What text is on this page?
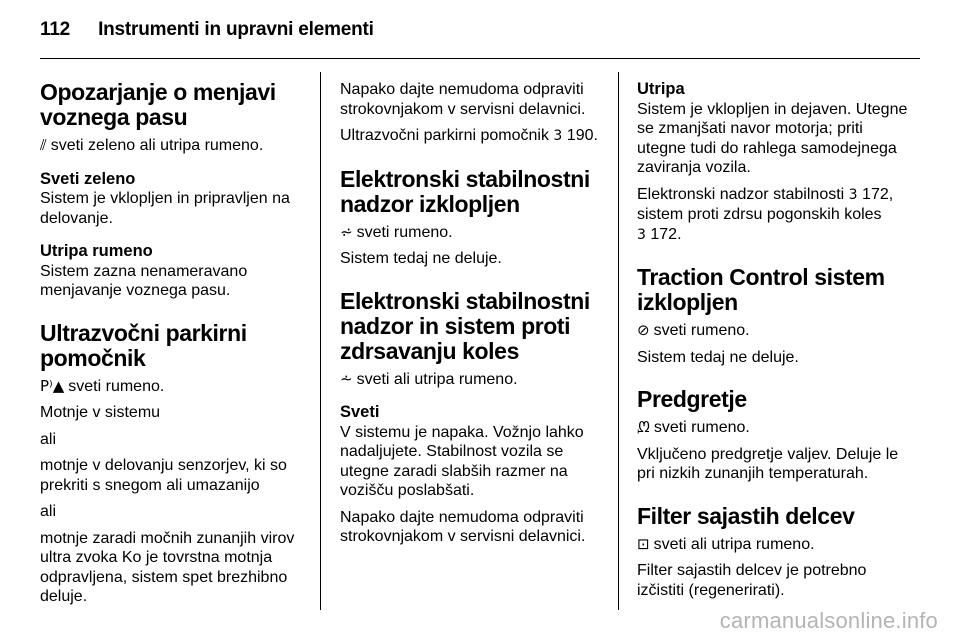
112 Instrumenti in upravni elementi
Opozarjanje o menjavi voznega pasu

⫽ sveti zeleno ali utripa rumeno.

Sveti zeleno

Sistem je vklopljen in pripravljen na delovanje.

Utripa rumeno

Sistem zazna nenameravano menjavanje voznega pasu.

Ultrazvočni parkirni pomočnik

P⁾▲ sveti rumeno.

Motnje v sistemu

ali

motnje v delovanju senzorjev, ki so prekriti s snegom ali umazanijo

ali

motnje zaradi močnih zunanjih virov ultra zvoka Ko je tovrstna motnja odpravljena, sistem spet brezhibno deluje.

Napako dajte nemudoma odpraviti strokovnjakom v servisni delavnici.

Ultrazvočni parkirni pomočnik 3 190.

Elektronski stabilnostni nadzor izklopljen

⩫ sveti rumeno.

Sistem tedaj ne deluje.

Elektronski stabilnostni nadzor in sistem proti zdrsavanju koles

⩪ sveti ali utripa rumeno.

Sveti

V sistemu je napaka. Vožnjo lahko nadaljujete. Stabilnost vozila se utegne zaradi slabših razmer na vozišču poslabšati.

Napako dajte nemudoma odpraviti strokovnjakom v servisni delavnici.

Utripa

Sistem je vklopljen in dejaven. Utegne se zmanjšati navor motorja; priti utegne tudi do rahlega samodejnega zaviranja vozila.

Elektronski nadzor stabilnosti 3 172, sistem proti zdrsu pogonskih koles
3 172.

Traction Control sistem izklopljen

⊘ sveti rumeno.

Sistem tedaj ne deluje.

Predgretje

ᘻ sveti rumeno.

Vključeno predgretje valjev. Deluje le pri nizkih zunanjih temperaturah.

Filter sajastih delcev

⊡ sveti ali utripa rumeno.

Filter sajastih delcev je potrebno izčistiti (regenerirati).

carmanualsonline.info
